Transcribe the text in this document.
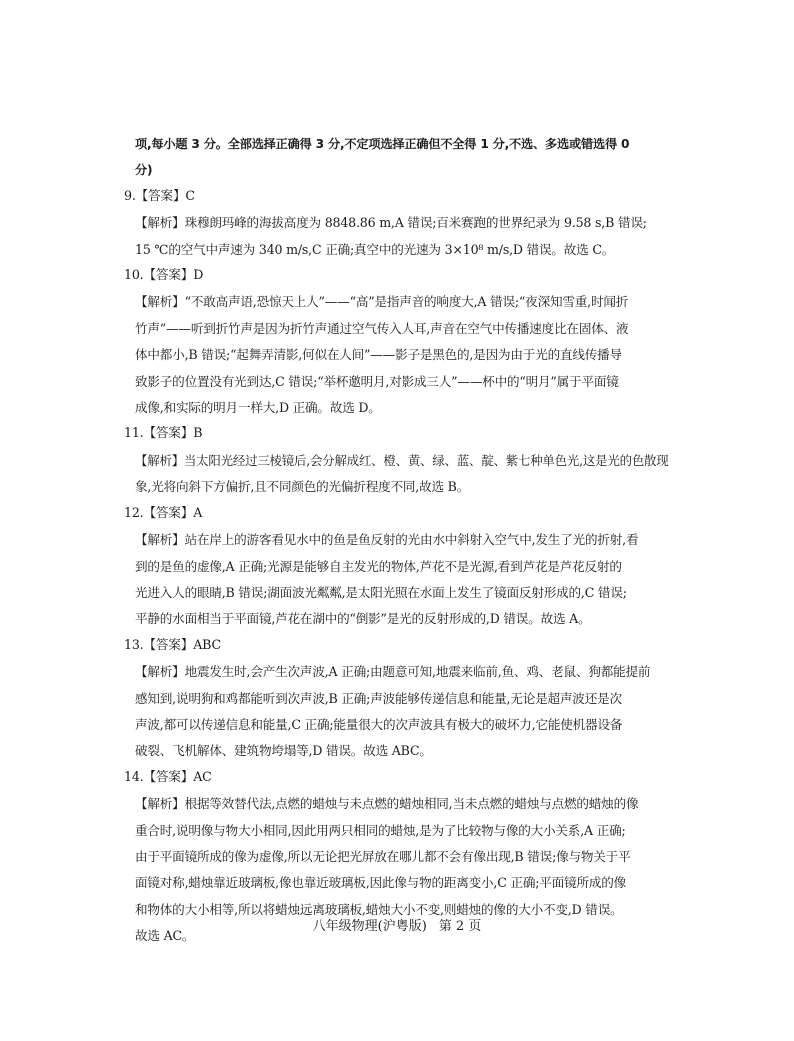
项,每小题 3 分。全部选择正确得 3 分,不定项选择正确但不全得 1 分,不选、多选或错选得 0
分)
9.【答案】C
【解析】珠穆朗玛峰的海拔高度为 8848.86 m,A 错误;百米赛跑的世界纪录为 9.58 s,B 错误;
15 ℃的空气中声速为 340 m/s,C 正确;真空中的光速为 3×10⁸ m/s,D 错误。故选 C。
10.【答案】D
【解析】“不敢高声语,恐惊天上人”——“高”是指声音的响度大,A 错误;“夜深知雪重,时闻折
竹声”——听到折竹声是因为折竹声通过空气传入人耳,声音在空气中传播速度比在固体、液
体中都小,B 错误;“起舞弄清影,何似在人间”——影子是黑色的,是因为由于光的直线传播导
致影子的位置没有光到达,C 错误;“举杯邀明月,对影成三人”——杯中的“明月”属于平面镜
成像,和实际的明月一样大,D 正确。故选 D。
11.【答案】B
【解析】当太阳光经过三棱镜后,会分解成红、橙、黄、绿、蓝、靛、紫七种单色光,这是光的色散现
象,光将向斜下方偏折,且不同颜色的光偏折程度不同,故选 B。
12.【答案】A
【解析】站在岸上的游客看见水中的鱼是鱼反射的光由水中斜射入空气中,发生了光的折射,看
到的是鱼的虚像,A 正确;光源是能够自主发光的物体,芦花不是光源,看到芦花是芦花反射的
光进入人的眼睛,B 错误;湖面波光粼粼,是太阳光照在水面上发生了镜面反射形成的,C 错误;
平静的水面相当于平面镜,芦花在湖中的“倒影”是光的反射形成的,D 错误。故选 A。
13.【答案】ABC
【解析】地震发生时,会产生次声波,A 正确;由题意可知,地震来临前,鱼、鸡、老鼠、狗都能提前
感知到,说明狗和鸡都能听到次声波,B 正确;声波能够传递信息和能量,无论是超声波还是次
声波,都可以传递信息和能量,C 正确;能量很大的次声波具有极大的破坏力,它能使机器设备
破裂、飞机解体、建筑物垮塌等,D 错误。故选 ABC。
14.【答案】AC
【解析】根据等效替代法,点燃的蜡烛与未点燃的蜡烛相同,当未点燃的蜡烛与点燃的蜡烛的像
重合时,说明像与物大小相同,因此用两只相同的蜡烛,是为了比较物与像的大小关系,A 正确;
由于平面镜所成的像为虚像,所以无论把光屏放在哪儿都不会有像出现,B 错误;像与物关于平
面镜对称,蜡烛靠近玻璃板,像也靠近玻璃板,因此像与物的距离变小,C 正确;平面镜所成的像
和物体的大小相等,所以将蜡烛远离玻璃板,蜡烛大小不变,则蜡烛的像的大小不变,D 错误。
故选 AC。
八年级物理(沪粤版) 第 2 页
